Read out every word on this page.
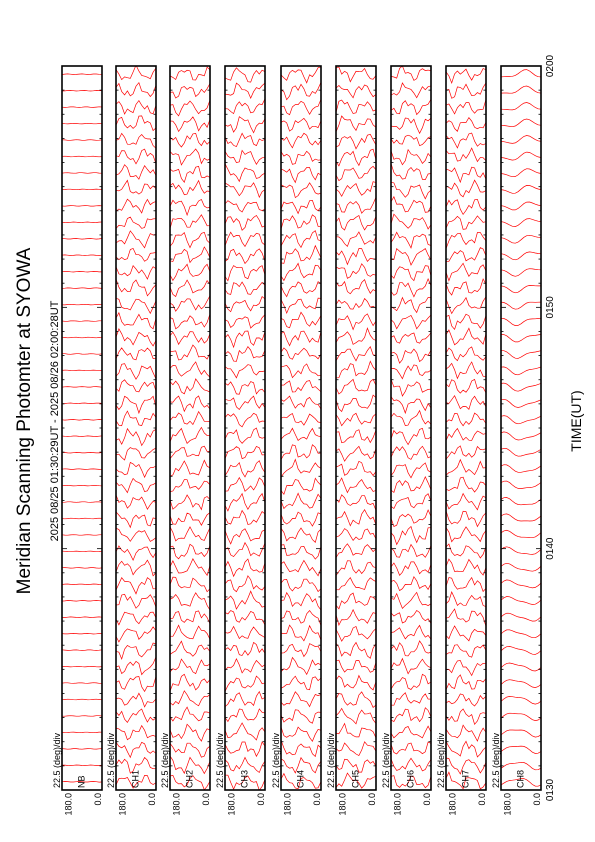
Meridian Scanning Photomter at SYOWA 2025 08/25 01:30:29UT - 2025 08/26 02:00:28UT	TIME(UT)
180.0 0.0
NB
22.5 (deg)/div
180.0 0.0
CH1
22.5 (deg)/div
180.0 0.0
CH2
22.5 (deg)/div
180.0 0.0
CH3
22.5 (deg)/div
180.0 0.0
CH4
22.5 (deg)/div
180.0 0.0
CH5
22.5 (deg)/div
180.0 0.0
CH6
22.5 (deg)/div
180.0 0.0
CH7
22.5 (deg)/div
180.0 0.0
CH8
22.5 (deg)/div
0130
0140
0150
0200
